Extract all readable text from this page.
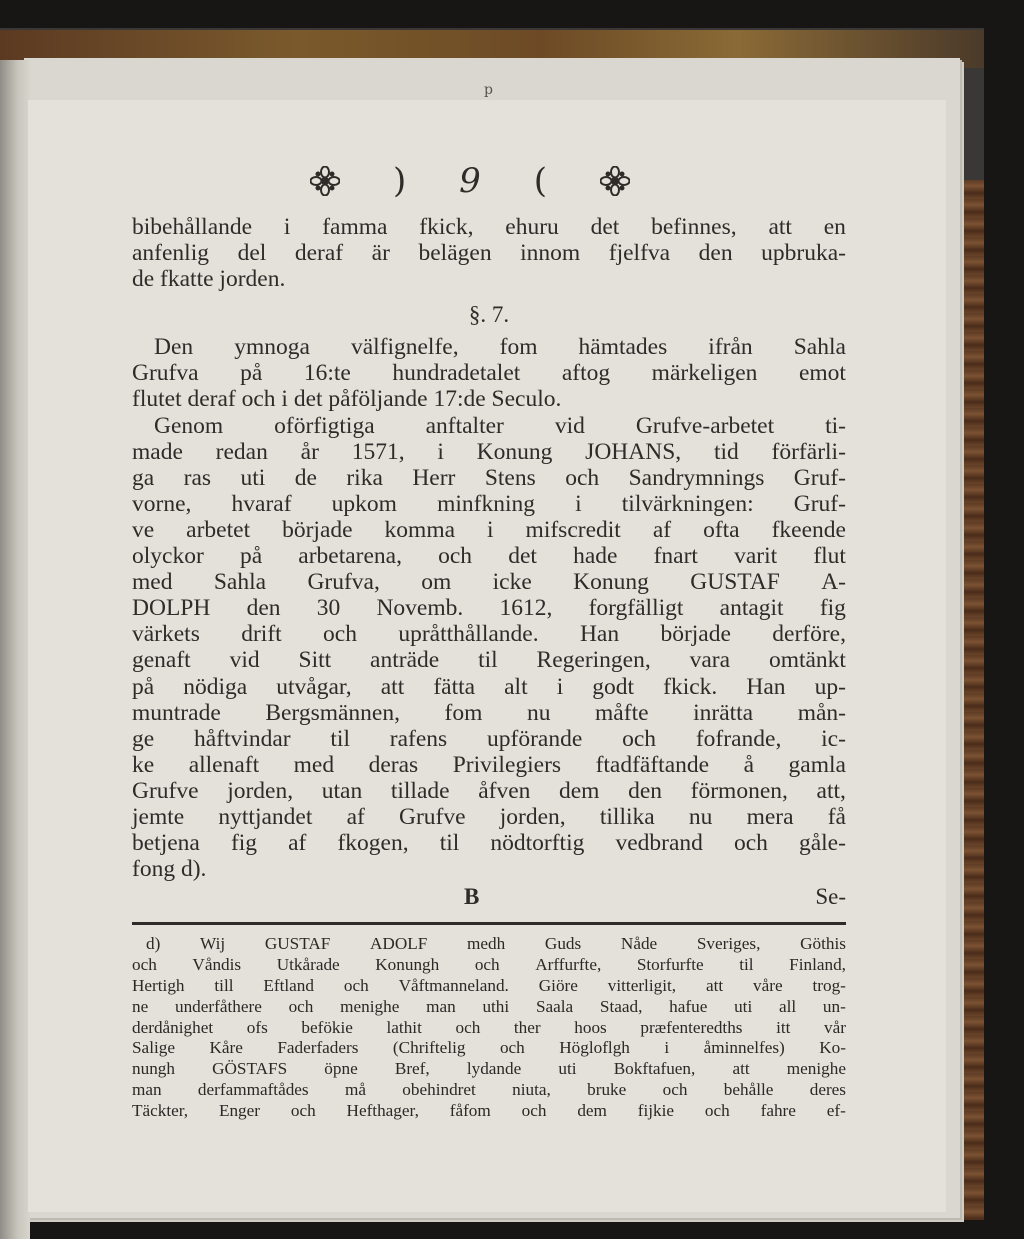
p
) 9 (
bibehållande i famma fkick, ehuru det befinnes, att en
anfenlig del deraf är belägen innom fjelfva den upbruka-
de fkatte jorden.
§. 7.
Den ymnoga välfignelfe, fom hämtades ifrån Sahla
Grufva på 16:te hundradetalet aftog märkeligen emot
flutet deraf och i det påföljande 17:de Seculo.
Genom oförfigtiga anftalter vid Grufve-arbetet ti-
made redan år 1571, i Konung JOHANS, tid förfärli-
ga ras uti de rika Herr Stens och Sandrymnings Gruf-
vorne, hvaraf upkom minfkning i tilvärkningen: Gruf-
ve arbetet började komma i mifscredit af ofta fkeende
olyckor på arbetarena, och det hade fnart varit flut
med Sahla Grufva, om icke Konung GUSTAF A-
DOLPH den 30 Novemb. 1612, forgfälligt antagit fig
värkets drift och upråtthållande. Han började derföre,
genaft vid Sitt anträde til Regeringen, vara omtänkt
på nödiga utvågar, att fätta alt i godt fkick. Han up-
muntrade Bergsmännen, fom nu måfte inrätta mån-
ge håftvindar til rafens upförande och fofrande, ic-
ke allenaft med deras Privilegiers ftadfäftande å gamla
Grufve jorden, utan tillade åfven dem den förmonen, att,
jemte nyttjandet af Grufve jorden, tillika nu mera få
betjena fig af fkogen, til nödtorftig vedbrand och gåle-
fong d).
B	Se-
d) Wij GUSTAF ADOLF medh Guds Nåde Sveriges, Göthis
och Våndis Utkårade Konungh och Arffurfte, Storfurfte til Finland,
Hertigh till Eftland och Våftmanneland. Giöre vitterligit, att våre trog-
ne underfåthere och menighe man uthi Saala Staad, hafue uti all un-
derdånighet ofs befökie lathit och ther hoos præfenteredths itt vår
Salige Kåre Faderfaders (Chriftelig och Högloflgh i åminnelfes) Ko-
nungh GÖSTAFS öpne Bref, lydande uti Bokftafuen, att menighe
man derfammaftådes må obehindret niuta, bruke och behålle deres
Täckter, Enger och Hefthager, fåfom och dem fijkie och fahre ef-
